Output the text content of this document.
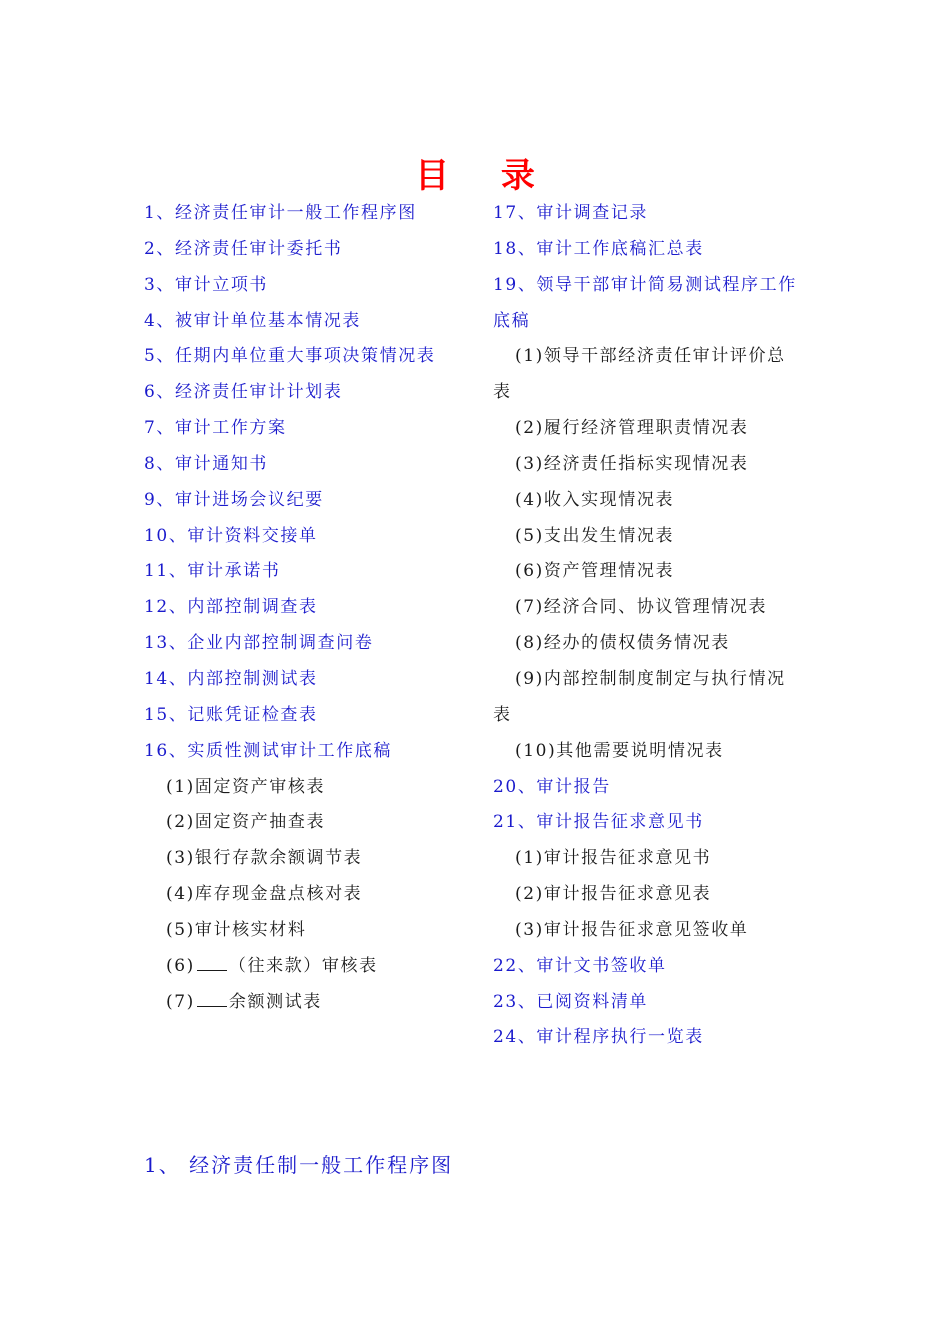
目 录
1、经济责任审计一般工作程序图
2、经济责任审计委托书
3、审计立项书
4、被审计单位基本情况表
5、任期内单位重大事项决策情况表
6、经济责任审计计划表
7、审计工作方案
8、审计通知书
9、审计进场会议纪要
10、审计资料交接单
11、审计承诺书
12、内部控制调查表
13、企业内部控制调查问卷
14、内部控制测试表
15、记账凭证检查表
16、实质性测试审计工作底稿
(1)固定资产审核表
(2)固定资产抽查表
(3)银行存款余额调节表
(4)库存现金盘点核对表
(5)审计核实材料
(6) （往来款）审核表
(7) 余额测试表
17、审计调查记录
18、审计工作底稿汇总表
19、领导干部审计简易测试程序工作
底稿
(1)领导干部经济责任审计评价总
表
(2)履行经济管理职责情况表
(3)经济责任指标实现情况表
(4)收入实现情况表
(5)支出发生情况表
(6)资产管理情况表
(7)经济合同、协议管理情况表
(8)经办的债权债务情况表
(9)内部控制制度制定与执行情况
表
(10)其他需要说明情况表
20、审计报告
21、审计报告征求意见书
(1)审计报告征求意见书
(2)审计报告征求意见表
(3)审计报告征求意见签收单
22、审计文书签收单
23、已阅资料清单
24、审计程序执行一览表
1、 经济责任制一般工作程序图
